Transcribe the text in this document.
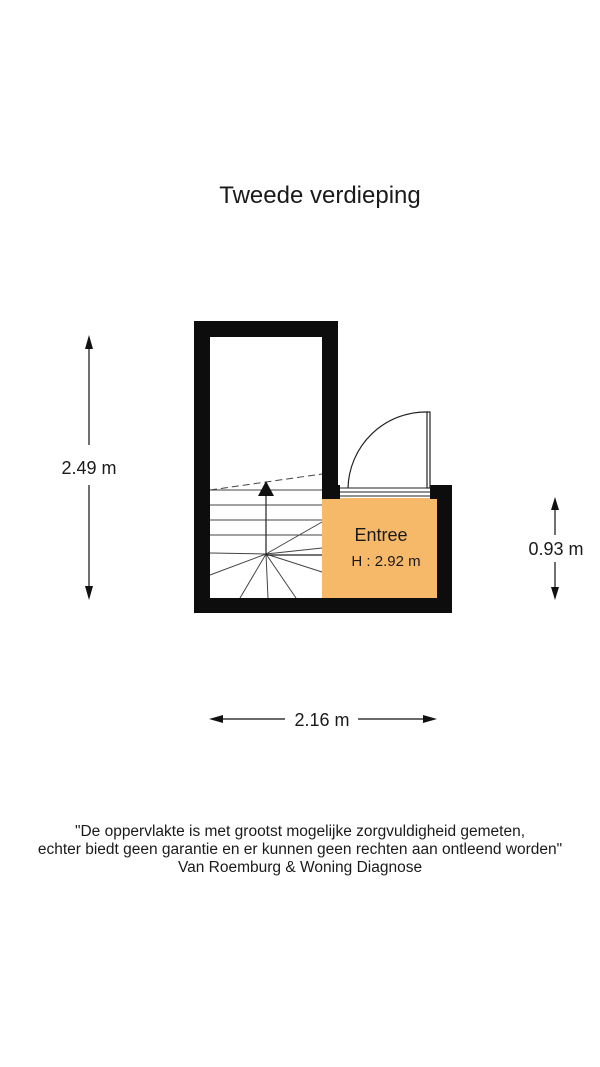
Tweede verdieping
Entree
H : 2.92 m
2.49 m
0.93 m
2.16 m
"De oppervlakte is met grootst mogelijke zorgvuldigheid gemeten,
echter biedt geen garantie en er kunnen geen rechten aan ontleend worden"
Van Roemburg & Woning Diagnose
